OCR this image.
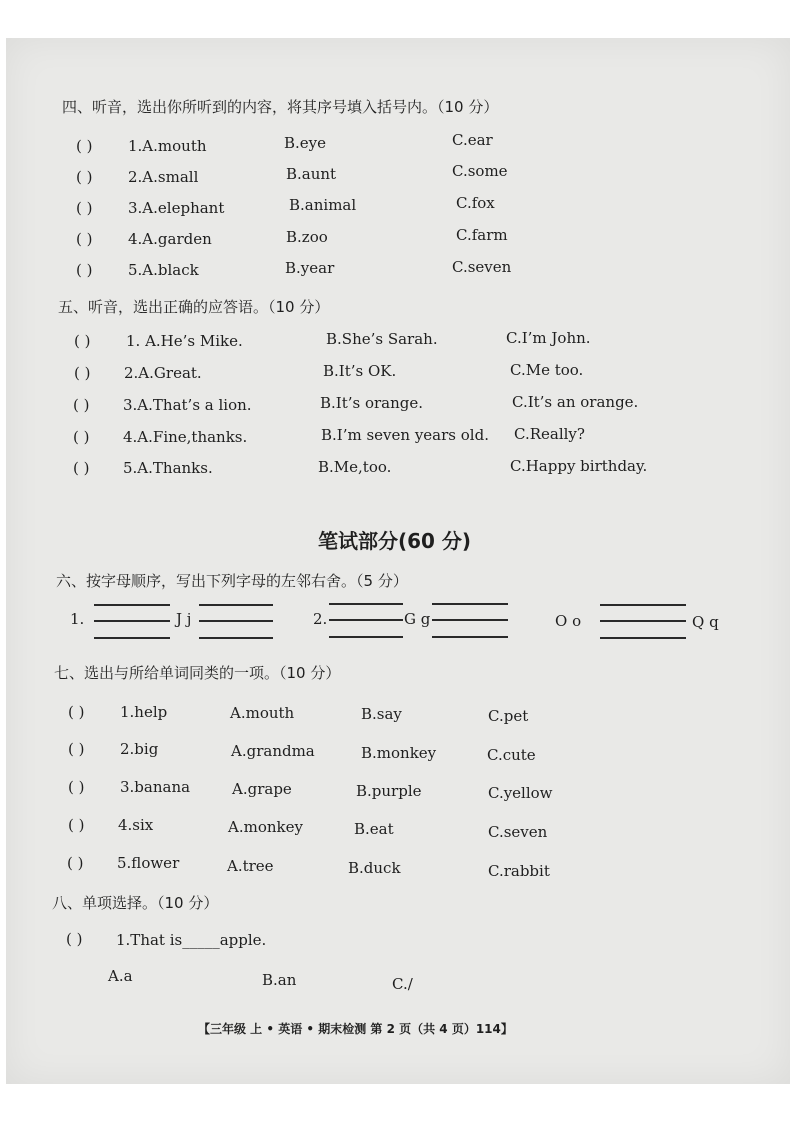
四、听音，选出你所听到的内容，将其序号填入括号内。（10 分）
( ) 1.A.mouth	B.eye	C.ear
( ) 2.A.small	B.aunt	C.some
( ) 3.A.elephant	B.animal	C.fox
( ) 4.A.garden	B.zoo	C.farm
( ) 5.A.black	B.year	C.seven
五、听音，选出正确的应答语。（10 分）
( ) 1. A.He’s Mike.	B.She’s Sarah.	C.I’m John.
( ) 2.A.Great.	B.It’s OK.	C.Me too.
( ) 3.A.That’s a lion.	B.It’s orange.	C.It’s an orange.
( ) 4.A.Fine,thanks.	B.I’m seven years old. C.Really?
( ) 5.A.Thanks.	B.Me,too.	C.Happy birthday.
笔试部分(60 分)
六、按字母顺序，写出下列字母的左邻右舍。（5 分）
1.	J j	2.	G g	O o	Q q
七、选出与所给单词同类的一项。（10 分）
( ) 1.help	A.mouth	B.say	C.pet
( ) 2.big	A.grandma	B.monkey	C.cute
( ) 3.banana	A.grape	B.purple	C.yellow
( ) 4.six	A.monkey	B.eat	C.seven
( ) 5.flower	A.tree	B.duck	C.rabbit
八、单项选择。（10 分）
( ) 1.That is_____apple.
A.a	B.an	C./
【三年级 上 • 英语 • 期末检测 第 2 页（共 4 页）114】
